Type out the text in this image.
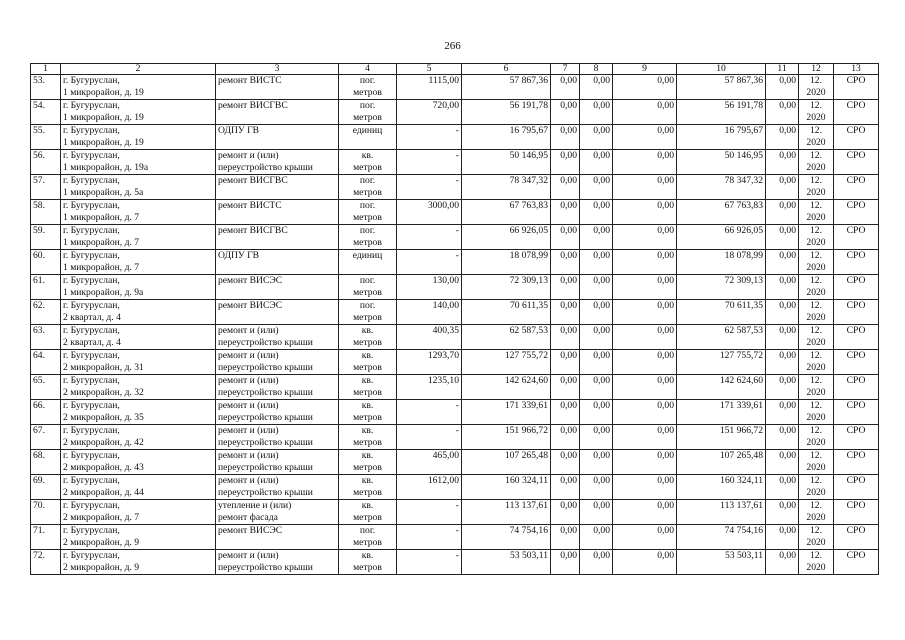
266
1	2	3	4	5	6	7	8	9	10	11	12	13

53.	г. Бугуруслан,
1 микрорайон, д. 19	ремонт ВИСТС	пог.
метров	1115,00	57 867,36	0,00	0,00	0,00	57 867,36	0,00	12.
2020	СРО

54.	г. Бугуруслан,
1 микрорайон, д. 19	ремонт ВИСГВС	пог.
метров	720,00	56 191,78	0,00	0,00	0,00	56 191,78	0,00	12.
2020	СРО

55.	г. Бугуруслан,
1 микрорайон, д. 19	ОДПУ ГВ	единиц	-	16 795,67	0,00	0,00	0,00	16 795,67	0,00	12.
2020	СРО

56.	г. Бугуруслан,
1 микрорайон, д. 19а	ремонт и (или)
переустройство крыши	кв.
метров	-	50 146,95	0,00	0,00	0,00	50 146,95	0,00	12.
2020	СРО

57.	г. Бугуруслан,
1 микрорайон, д. 5а	ремонт ВИСГВС	пог.
метров	-	78 347,32	0,00	0,00	0,00	78 347,32	0,00	12.
2020	СРО

58.	г. Бугуруслан,
1 микрорайон, д. 7	ремонт ВИСТС	пог.
метров	3000,00	67 763,83	0,00	0,00	0,00	67 763,83	0,00	12.
2020	СРО

59.	г. Бугуруслан,
1 микрорайон, д. 7	ремонт ВИСГВС	пог.
метров	-	66 926,05	0,00	0,00	0,00	66 926,05	0,00	12.
2020	СРО

60.	г. Бугуруслан,
1 микрорайон, д. 7	ОДПУ ГВ	единиц	-	18 078,99	0,00	0,00	0,00	18 078,99	0,00	12.
2020	СРО

61.	г. Бугуруслан,
1 микрорайон, д. 9а	ремонт ВИСЭС	пог.
метров	130,00	72 309,13	0,00	0,00	0,00	72 309,13	0,00	12.
2020	СРО

62.	г. Бугуруслан,
2 квартал, д. 4	ремонт ВИСЭС	пог.
метров	140,00	70 611,35	0,00	0,00	0,00	70 611,35	0,00	12.
2020	СРО

63.	г. Бугуруслан,
2 квартал, д. 4	ремонт и (или)
переустройство крыши	кв.
метров	400,35	62 587,53	0,00	0,00	0,00	62 587,53	0,00	12.
2020	СРО

64.	г. Бугуруслан,
2 микрорайон, д. 31	ремонт и (или)
переустройство крыши	кв.
метров	1293,70	127 755,72	0,00	0,00	0,00	127 755,72	0,00	12.
2020	СРО

65.	г. Бугуруслан,
2 микрорайон, д. 32	ремонт и (или)
переустройство крыши	кв.
метров	1235,10	142 624,60	0,00	0,00	0,00	142 624,60	0,00	12.
2020	СРО

66.	г. Бугуруслан,
2 микрорайон, д. 35	ремонт и (или)
переустройство крыши	кв.
метров	-	171 339,61	0,00	0,00	0,00	171 339,61	0,00	12.
2020	СРО

67.	г. Бугуруслан,
2 микрорайон, д. 42	ремонт и (или)
переустройство крыши	кв.
метров	-	151 966,72	0,00	0,00	0,00	151 966,72	0,00	12.
2020	СРО

68.	г. Бугуруслан,
2 микрорайон, д. 43	ремонт и (или)
переустройство крыши	кв.
метров	465,00	107 265,48	0,00	0,00	0,00	107 265,48	0,00	12.
2020	СРО

69.	г. Бугуруслан,
2 микрорайон, д. 44	ремонт и (или)
переустройство крыши	кв.
метров	1612,00	160 324,11	0,00	0,00	0,00	160 324,11	0,00	12.
2020	СРО

70.	г. Бугуруслан,
2 микрорайон, д. 7	утепление и (или)
ремонт фасада	кв.
метров	-	113 137,61	0,00	0,00	0,00	113 137,61	0,00	12.
2020	СРО

71.	г. Бугуруслан,
2 микрорайон, д. 9	ремонт ВИСЭС	пог.
метров	-	74 754,16	0,00	0,00	0,00	74 754,16	0,00	12.
2020	СРО

72.	г. Бугуруслан,
2 микрорайон, д. 9	ремонт и (или)
переустройство крыши	кв.
метров	-	53 503,11	0,00	0,00	0,00	53 503,11	0,00	12.
2020	СРО
